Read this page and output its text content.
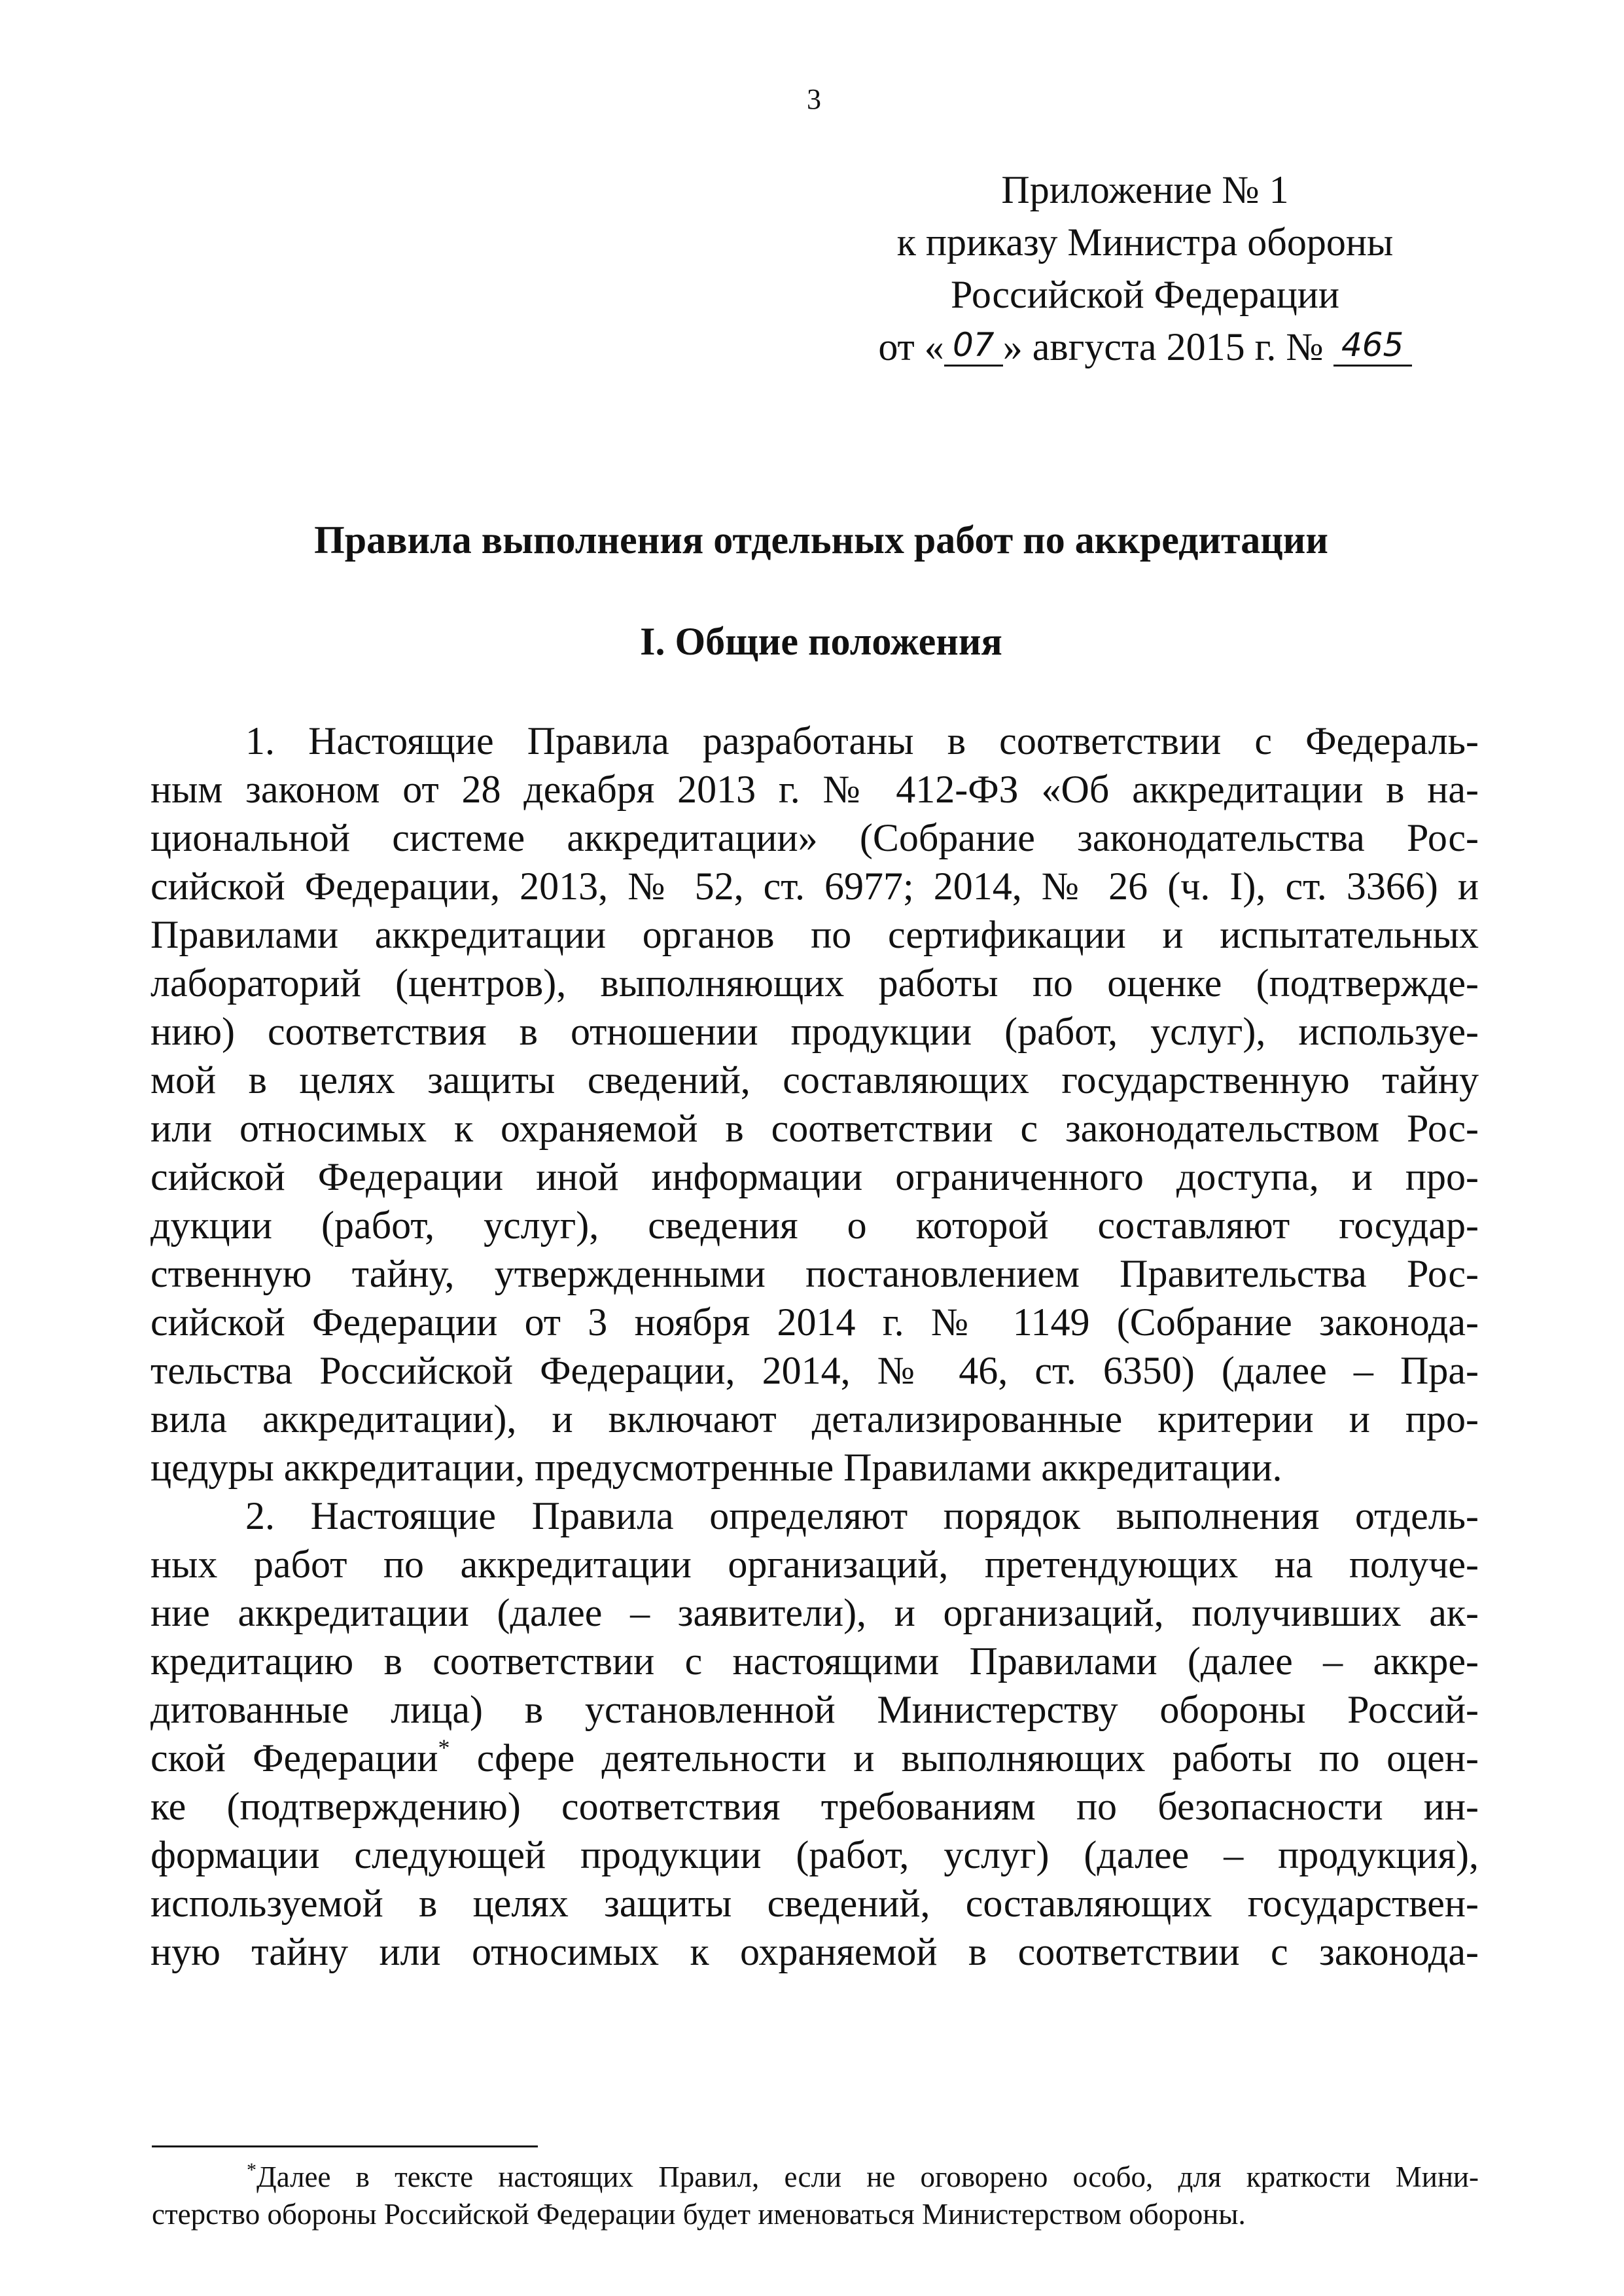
3
Приложение № 1
к приказу Министра обороны
Российской Федерации
от « 07 » августа 2015 г. № 465
Правила выполнения отдельных работ по аккредитации
I. Общие положения
1. Настоящие Правила разработаны в соответствии с Федераль-
ным законом от 28 декабря 2013 г. № 412-ФЗ «Об аккредитации в на-
циональной системе аккредитации» (Собрание законодательства Рос-
сийской Федерации, 2013, № 52, ст. 6977; 2014, № 26 (ч. I), ст. 3366) и
Правилами аккредитации органов по сертификации и испытательных
лабораторий (центров), выполняющих работы по оценке (подтвержде-
нию) соответствия в отношении продукции (работ, услуг), используе-
мой в целях защиты сведений, составляющих государственную тайну
или относимых к охраняемой в соответствии с законодательством Рос-
сийской Федерации иной информации ограниченного доступа, и про-
дукции (работ, услуг), сведения о которой составляют государ-
ственную тайну, утвержденными постановлением Правительства Рос-
сийской Федерации от 3 ноября 2014 г. № 1149 (Собрание законода-
тельства Российской Федерации, 2014, № 46, ст. 6350) (далее – Пра-
вила аккредитации), и включают детализированные критерии и про-
цедуры аккредитации, предусмотренные Правилами аккредитации.
2. Настоящие Правила определяют порядок выполнения отдель-
ных работ по аккредитации организаций, претендующих на получе-
ние аккредитации (далее – заявители), и организаций, получивших ак-
кредитацию в соответствии с настоящими Правилами (далее – аккре-
дитованные лица) в установленной Министерству обороны Россий-
ской Федерации* сфере деятельности и выполняющих работы по оцен-
ке (подтверждению) соответствия требованиям по безопасности ин-
формации следующей продукции (работ, услуг) (далее – продукция),
используемой в целях защиты сведений, составляющих государствен-
ную тайну или относимых к охраняемой в соответствии с законода-
*Далее в тексте настоящих Правил, если не оговорено особо, для краткости Мини-
стерство обороны Российской Федерации будет именоваться Министерством обороны.
